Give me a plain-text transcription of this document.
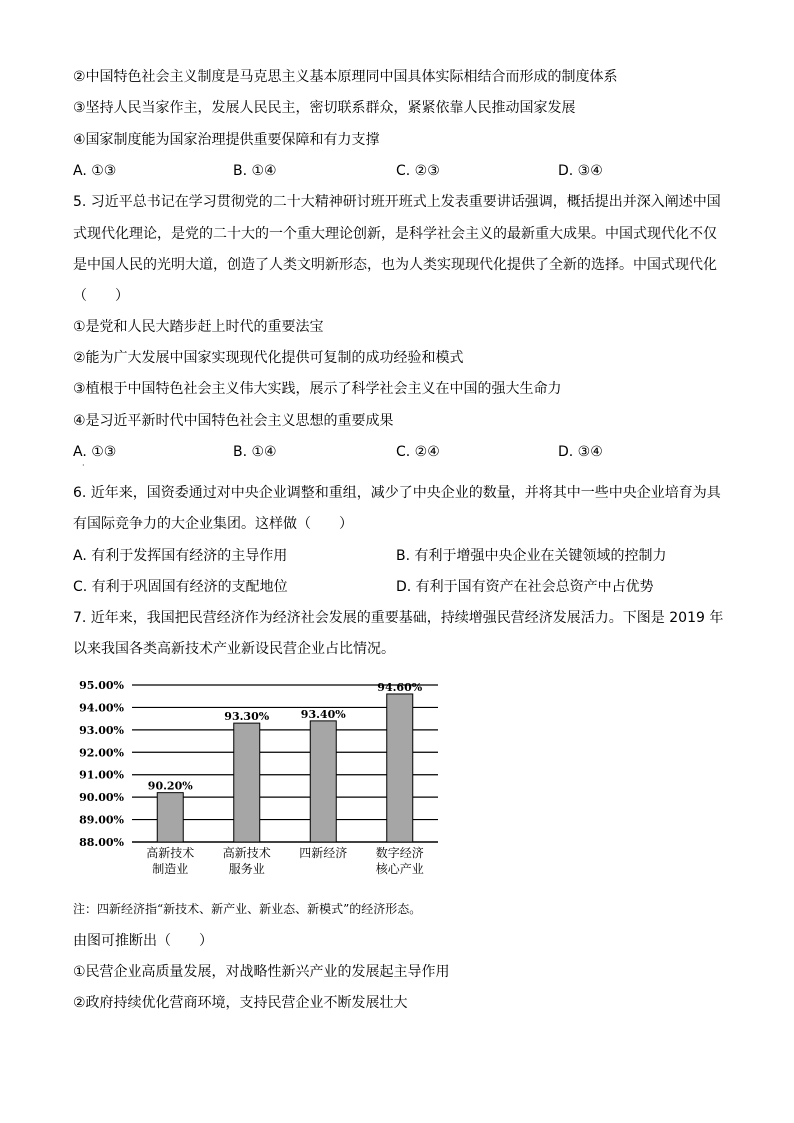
②中国特色社会主义制度是马克思主义基本原理同中国具体实际相结合而形成的制度体系
③坚持人民当家作主，发展人民民主，密切联系群众，紧紧依靠人民推动国家发展
④国家制度能为国家治理提供重要保障和有力支撑
A. ①③	B. ①④	C. ②③	D. ③④
5. 习近平总书记在学习贯彻党的二十大精神研讨班开班式上发表重要讲话强调，概括提出并深入阐述中国
式现代化理论，是党的二十大的一个重大理论创新，是科学社会主义的最新重大成果。中国式现代化不仅
是中国人民的光明大道，创造了人类文明新形态，也为人类实现现代化提供了全新的选择。中国式现代化
（　　）
①是党和人民大踏步赶上时代的重要法宝
②能为广大发展中国家实现现代化提供可复制的成功经验和模式
③植根于中国特色社会主义伟大实践，展示了科学社会主义在中国的强大生命力
④是习近平新时代中国特色社会主义思想的重要成果
A. ①③	B. ①④	C. ②④	D. ③④
·
6. 近年来，国资委通过对中央企业调整和重组，减少了中央企业的数量，并将其中一些中央企业培育为具
有国际竞争力的大企业集团。这样做（　　）
A. 有利于发挥国有经济的主导作用	B. 有利于增强中央企业在关键领域的控制力
C. 有利于巩固国有经济的支配地位	D. 有利于国有资产在社会总资产中占优势
7. 近年来，我国把民营经济作为经济社会发展的重要基础，持续增强民营经济发展活力。下图是 2019 年
以来我国各类高新技术产业新设民营企业占比情况。
95.00%
94.00%
93.00%
92.00%
91.00%
90.00%
89.00%
88.00%
90.20%
高新技术
制造业
93.30%
高新技术
服务业
93.40%
四新经济
94.60%
数字经济
核心产业
注：四新经济指“新技术、新产业、新业态、新模式”的经济形态。
由图可推断出（　　）
①民营企业高质量发展，对战略性新兴产业的发展起主导作用
②政府持续优化营商环境，支持民营企业不断发展壮大
